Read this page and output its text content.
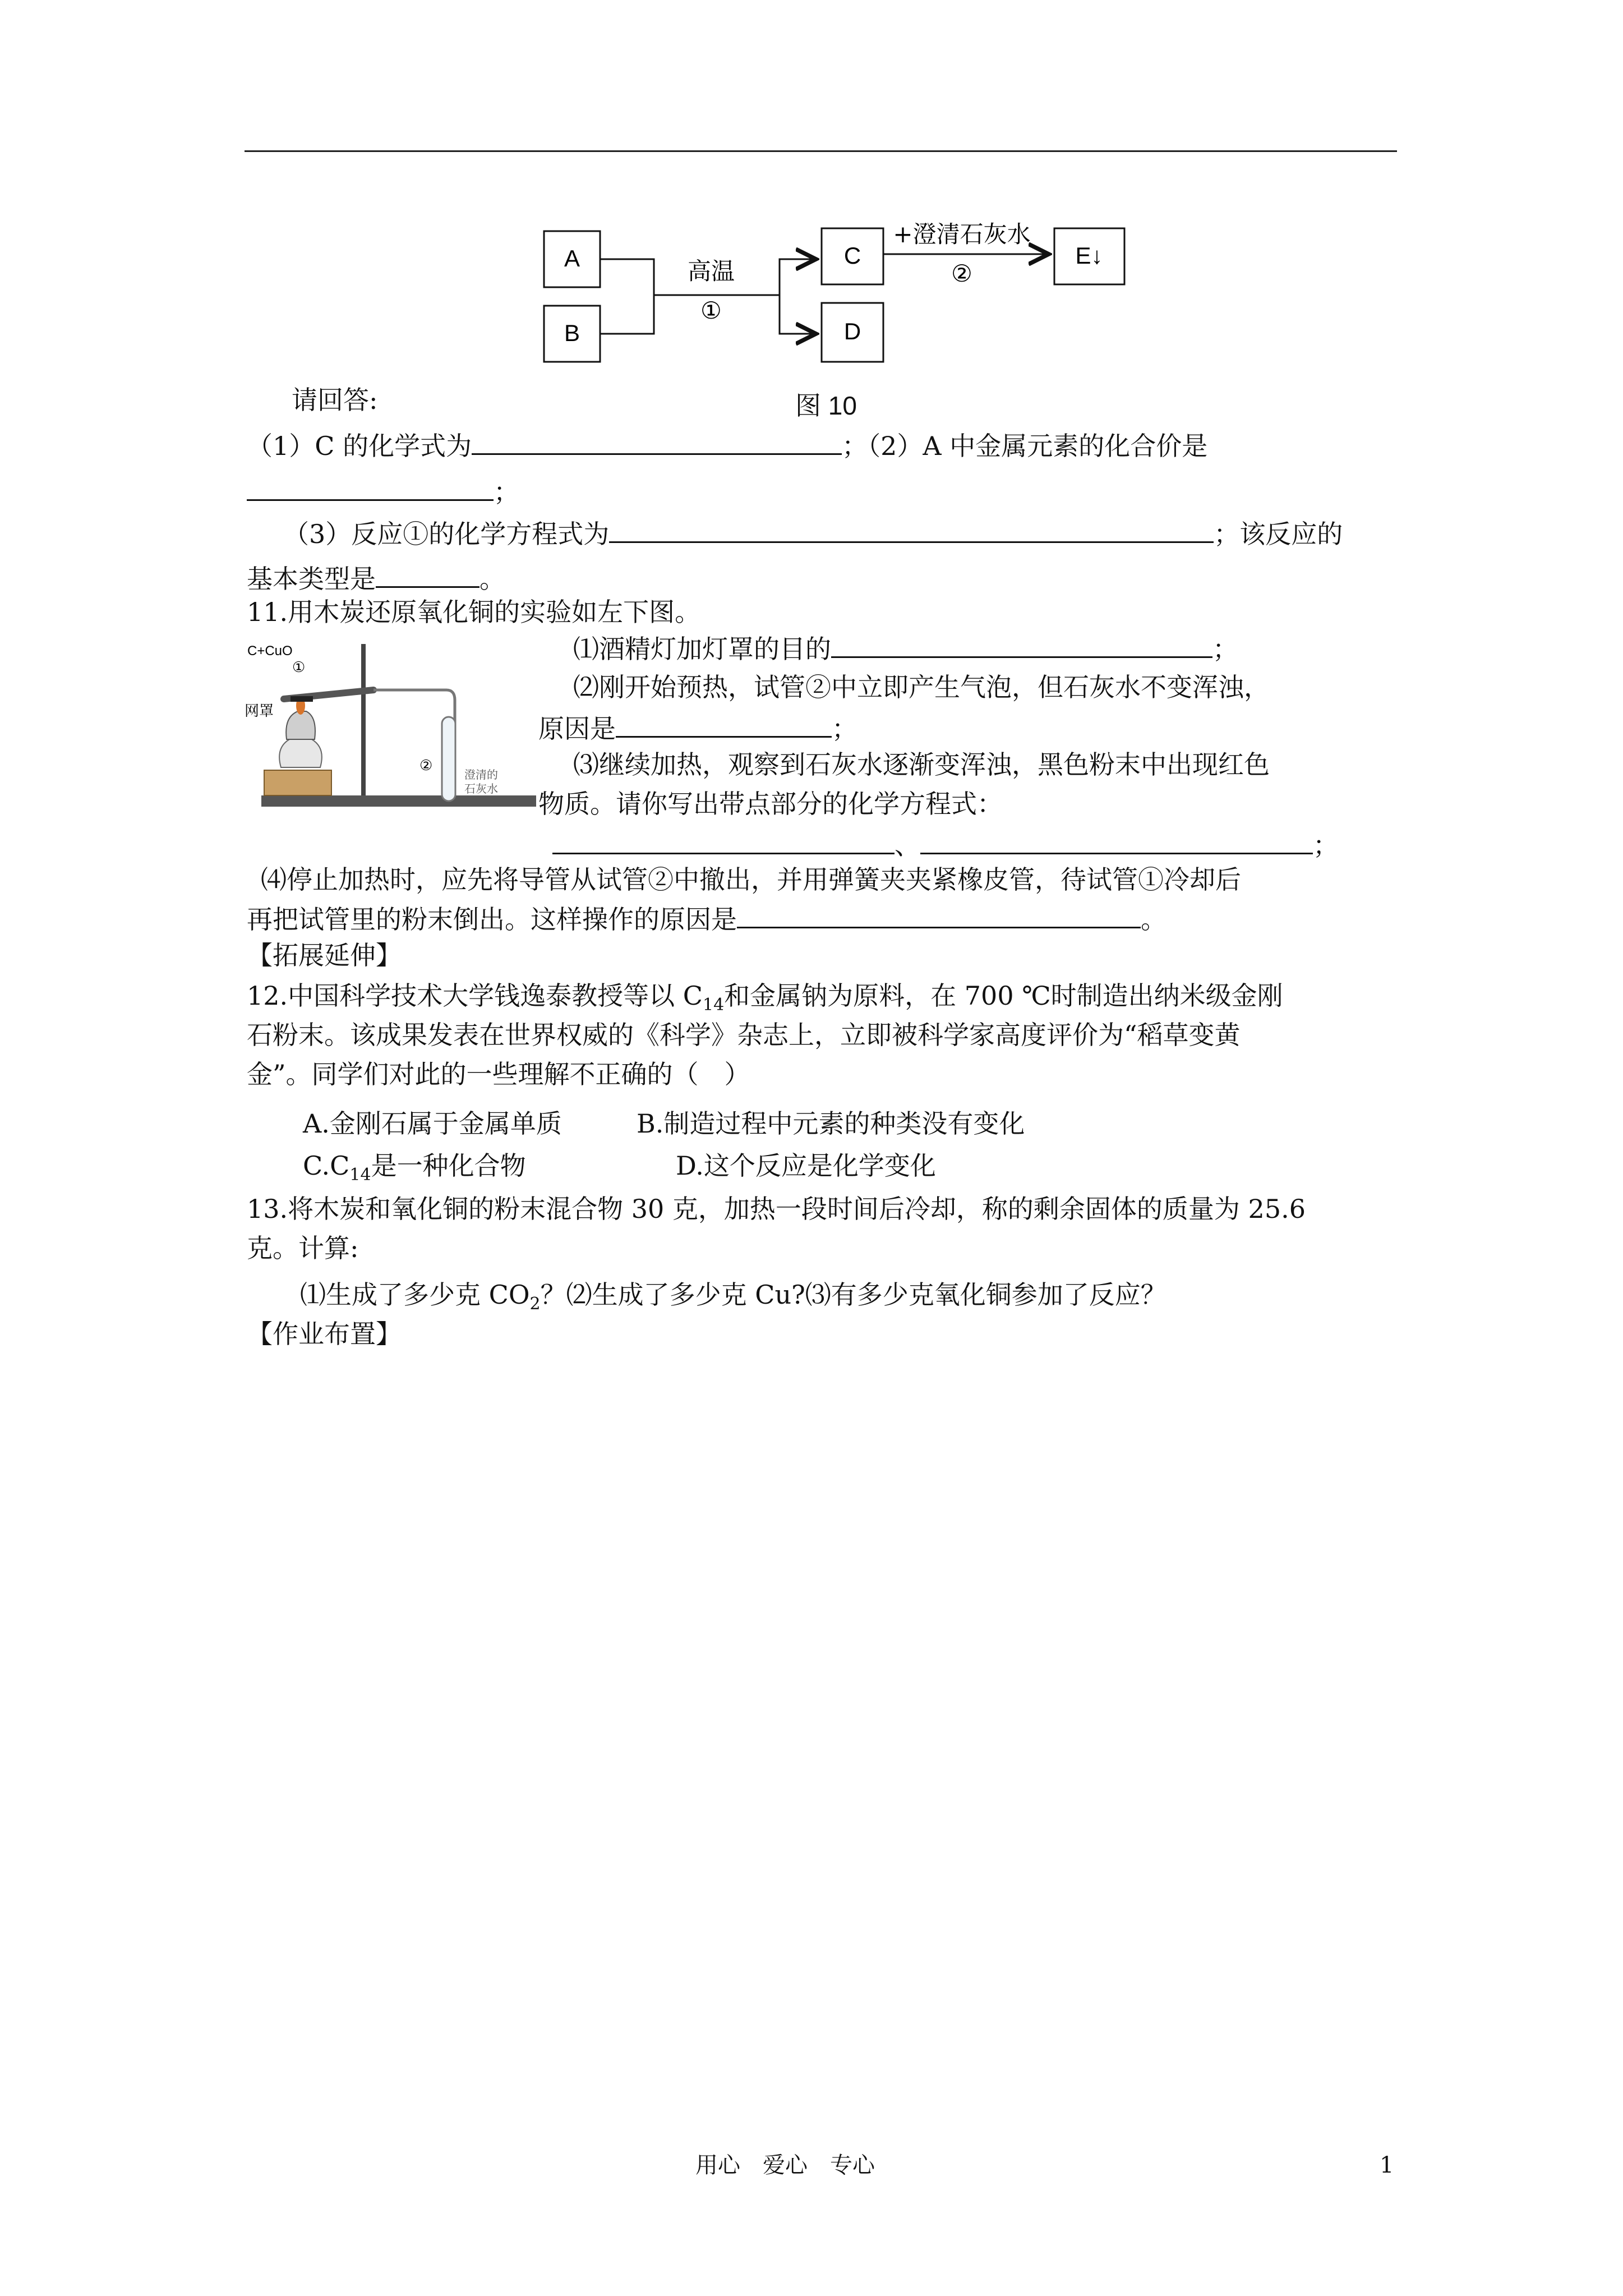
A
B
高温
①
C
D
+澄清石灰水
②
E↓
请回答:	图 10
（1）C 的化学式为	；（2）A 中金属元素的化合价是
；
（3）反应①的化学方程式为	；该反应的
基本类型是	。
11.用木炭还原氧化铜的实验如左下图。
C+CuO
①
网罩
②
澄清的
石灰水
⑴酒精灯加灯罩的目的	；
⑵刚开始预热，试管②中立即产生气泡，但石灰水不变浑浊，
原因是	；
⑶继续加热，观察到石灰水逐渐变浑浊，黑色粉末中出现红色
物质。请你写出带点部分的化学方程式：
、	；
⑷停止加热时，应先将导管从试管②中撤出，并用弹簧夹夹紧橡皮管，待试管①冷却后
再把试管里的粉末倒出。这样操作的原因是	。
【拓展延伸】
12.中国科学技术大学钱逸泰教授等以 $C_{14}$和金属钠为原料，在 700 ℃时制造出纳米级金刚
石粉末。该成果发表在世界权威的《科学》杂志上，立即被科学家高度评价为“稻草变黄
金”。同学们对此的一些理解不正确的（　）
A.金刚石属于金属单质	B.制造过程中元素的种类没有变化
$C.C_{14}$是一种化合物	D.这个反应是化学变化
13.将木炭和氧化铜的粉末混合物 30 克，加热一段时间后冷却，称的剩余固体的质量为 25.6
克。计算:
⑴生成了多少克 $CO_2$？⑵生成了多少克 Cu?⑶有多少克氧化铜参加了反应？
【作业布置】
用心　爱心　专心	1
